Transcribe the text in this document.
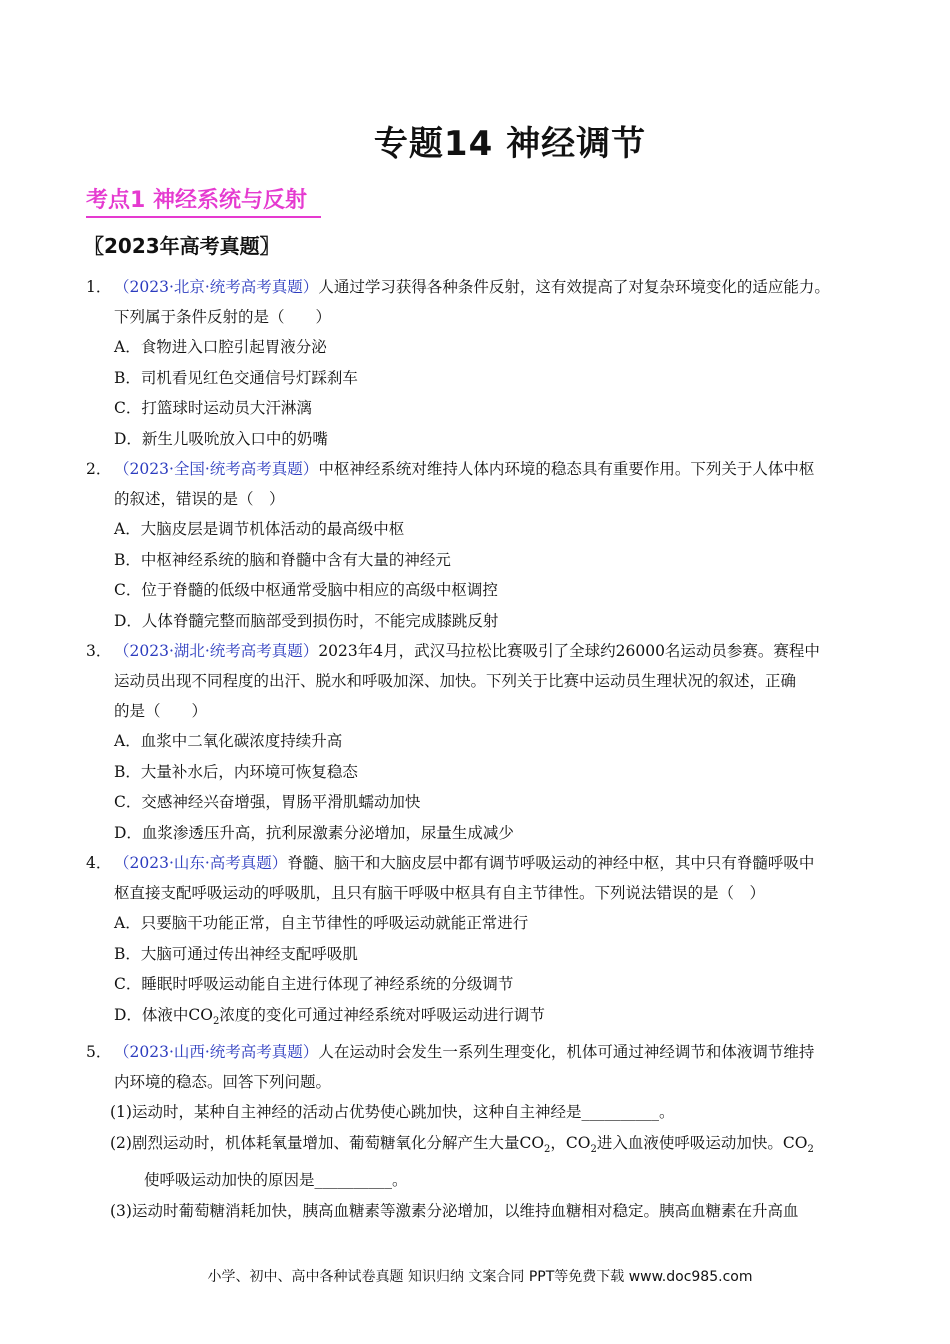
专题14 神经调节
考点1 神经系统与反射
〖2023年高考真题〗
1． （2023·北京·统考高考真题）人通过学习获得各种条件反射，这有效提高了对复杂环境变化的适应能力。
下列属于条件反射的是（　　）
A．食物进入口腔引起胃液分泌
B．司机看见红色交通信号灯踩刹车
C．打篮球时运动员大汗淋漓
D．新生儿吸吮放入口中的奶嘴
2． （2023·全国·统考高考真题）中枢神经系统对维持人体内环境的稳态具有重要作用。下列关于人体中枢
的叙述，错误的是（　）
A．大脑皮层是调节机体活动的最高级中枢
B．中枢神经系统的脑和脊髓中含有大量的神经元
C．位于脊髓的低级中枢通常受脑中相应的高级中枢调控
D．人体脊髓完整而脑部受到损伤时，不能完成膝跳反射
3． （2023·湖北·统考高考真题）2023年4月，武汉马拉松比赛吸引了全球约26000名运动员参赛。赛程中
运动员出现不同程度的出汗、脱水和呼吸加深、加快。下列关于比赛中运动员生理状况的叙述，正确
的是（　　）
A．血浆中二氧化碳浓度持续升高
B．大量补水后，内环境可恢复稳态
C．交感神经兴奋增强，胃肠平滑肌蠕动加快
D．血浆渗透压升高，抗利尿激素分泌增加，尿量生成减少
4． （2023·山东·高考真题）脊髓、脑干和大脑皮层中都有调节呼吸运动的神经中枢，其中只有脊髓呼吸中
枢直接支配呼吸运动的呼吸肌，且只有脑干呼吸中枢具有自主节律性。下列说法错误的是（　）
A．只要脑干功能正常，自主节律性的呼吸运动就能正常进行
B．大脑可通过传出神经支配呼吸肌
C．睡眠时呼吸运动能自主进行体现了神经系统的分级调节
D．体液中$CO_2$浓度的变化可通过神经系统对呼吸运动进行调节
5． （2023·山西·统考高考真题）人在运动时会发生一系列生理变化，机体可通过神经调节和体液调节维持
内环境的稳态。回答下列问题。
(1)运动时，某种自主神经的活动占优势使心跳加快，这种自主神经是__________。
(2)剧烈运动时，机体耗氧量增加、葡萄糖氧化分解产生大量$CO_2$，$CO_2$进入血液使呼吸运动加快。$CO_2$
使呼吸运动加快的原因是__________。
(3)运动时葡萄糖消耗加快，胰高血糖素等激素分泌增加，以维持血糖相对稳定。胰高血糖素在升高血
小学、初中、高中各种试卷真题 知识归纳 文案合同 PPT等免费下载 www.doc985.com
